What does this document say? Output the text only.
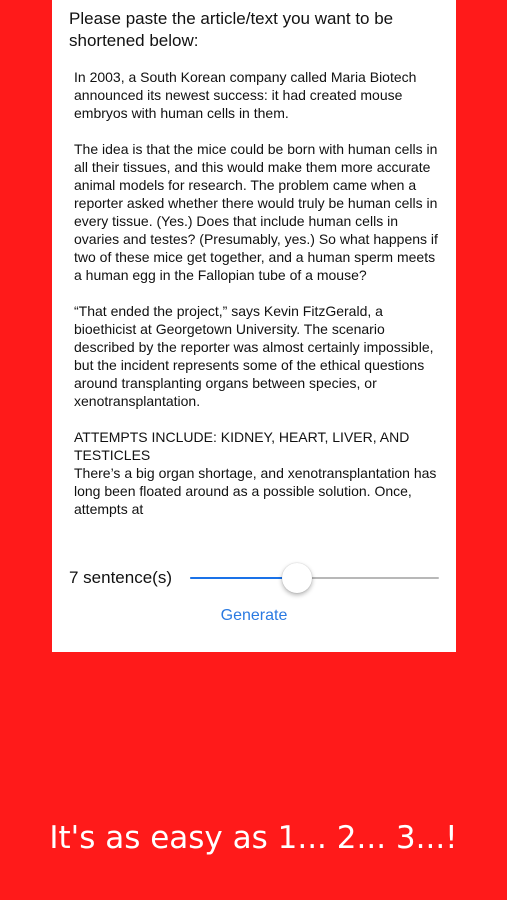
Please paste the article/text you want to be shortened below:

In 2003, a South Korean company called Maria Biotech announced its newest success: it had created mouse embryos with human cells in them.

The idea is that the mice could be born with human cells in all their tissues, and this would make them more accurate animal models for research. The problem came when a reporter asked whether there would truly be human cells in every tissue. (Yes.) Does that include human cells in ovaries and testes? (Presumably, yes.) So what happens if two of these mice get together, and a human sperm meets a human egg in the Fallopian tube of a mouse?

“That ended the project,” says Kevin FitzGerald, a bioethicist at Georgetown University. The scenario described by the reporter was almost certainly impossible, but the incident represents some of the ethical questions around transplanting organs between species, or xenotransplantation.

ATTEMPTS INCLUDE: KIDNEY, HEART, LIVER, AND TESTICLES
There’s a big organ shortage, and xenotransplantation has long been floated around as a possible solution. Once, attempts at

7 sentence(s)
Generate
It's as easy as 1... 2... 3...!
